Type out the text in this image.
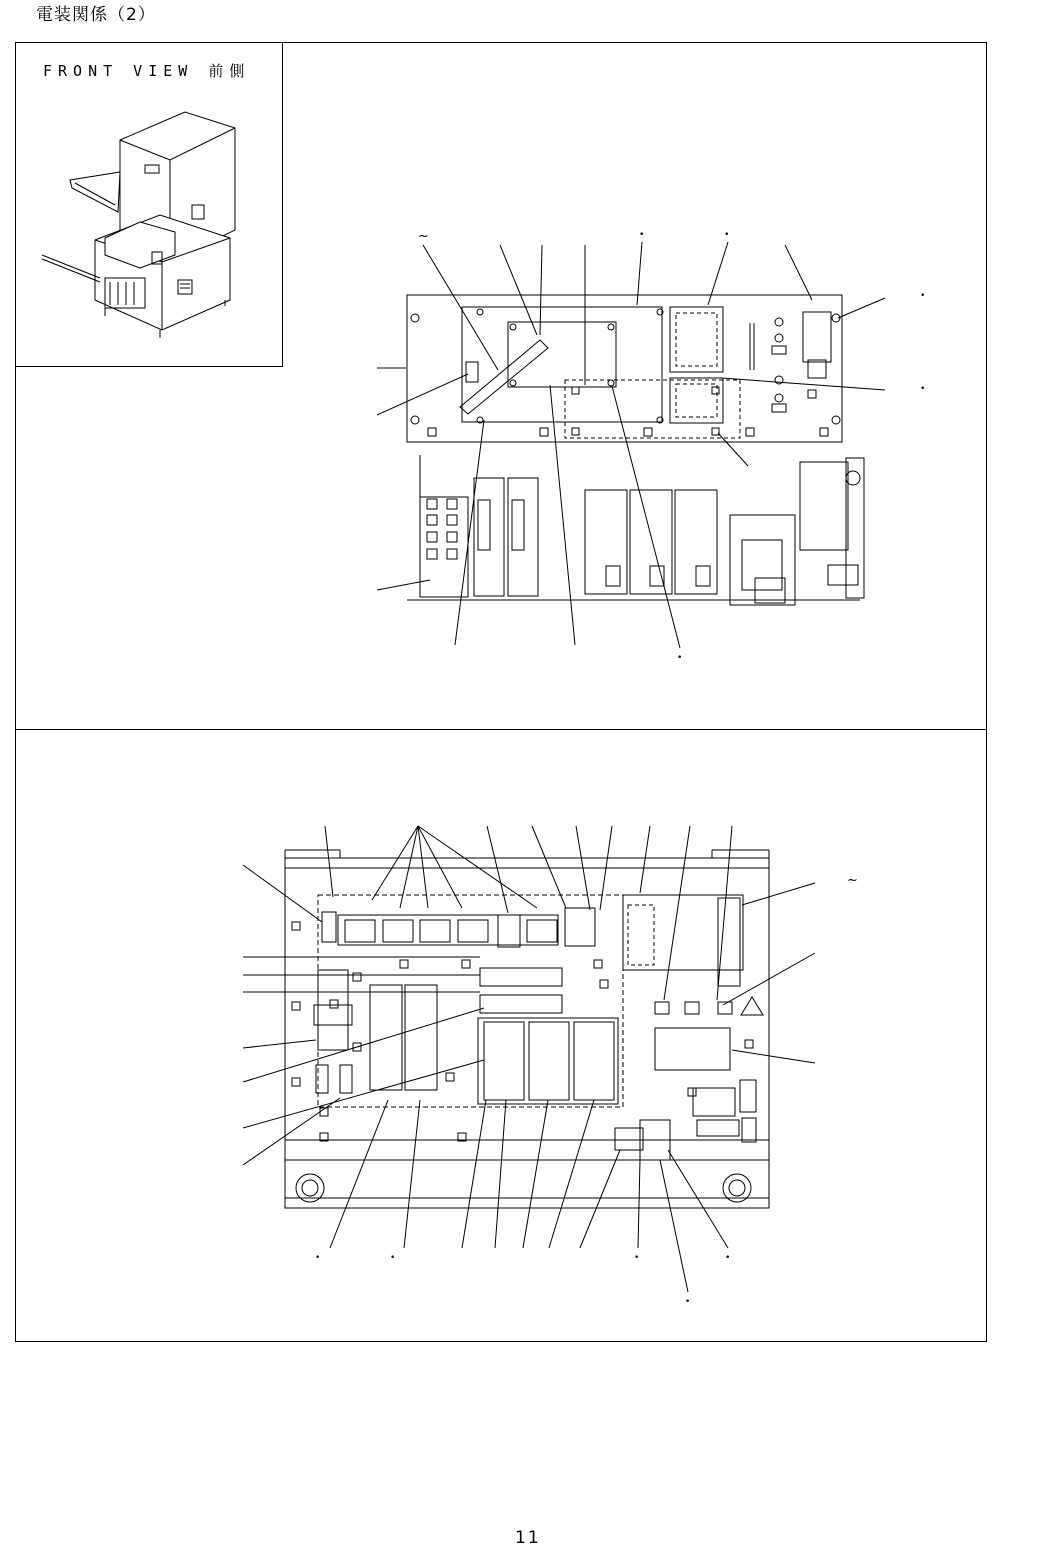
電装関係（2）
FRONT VIEW 前側
~
~
•	•
•
•
•
•	•	•	•
•
11
